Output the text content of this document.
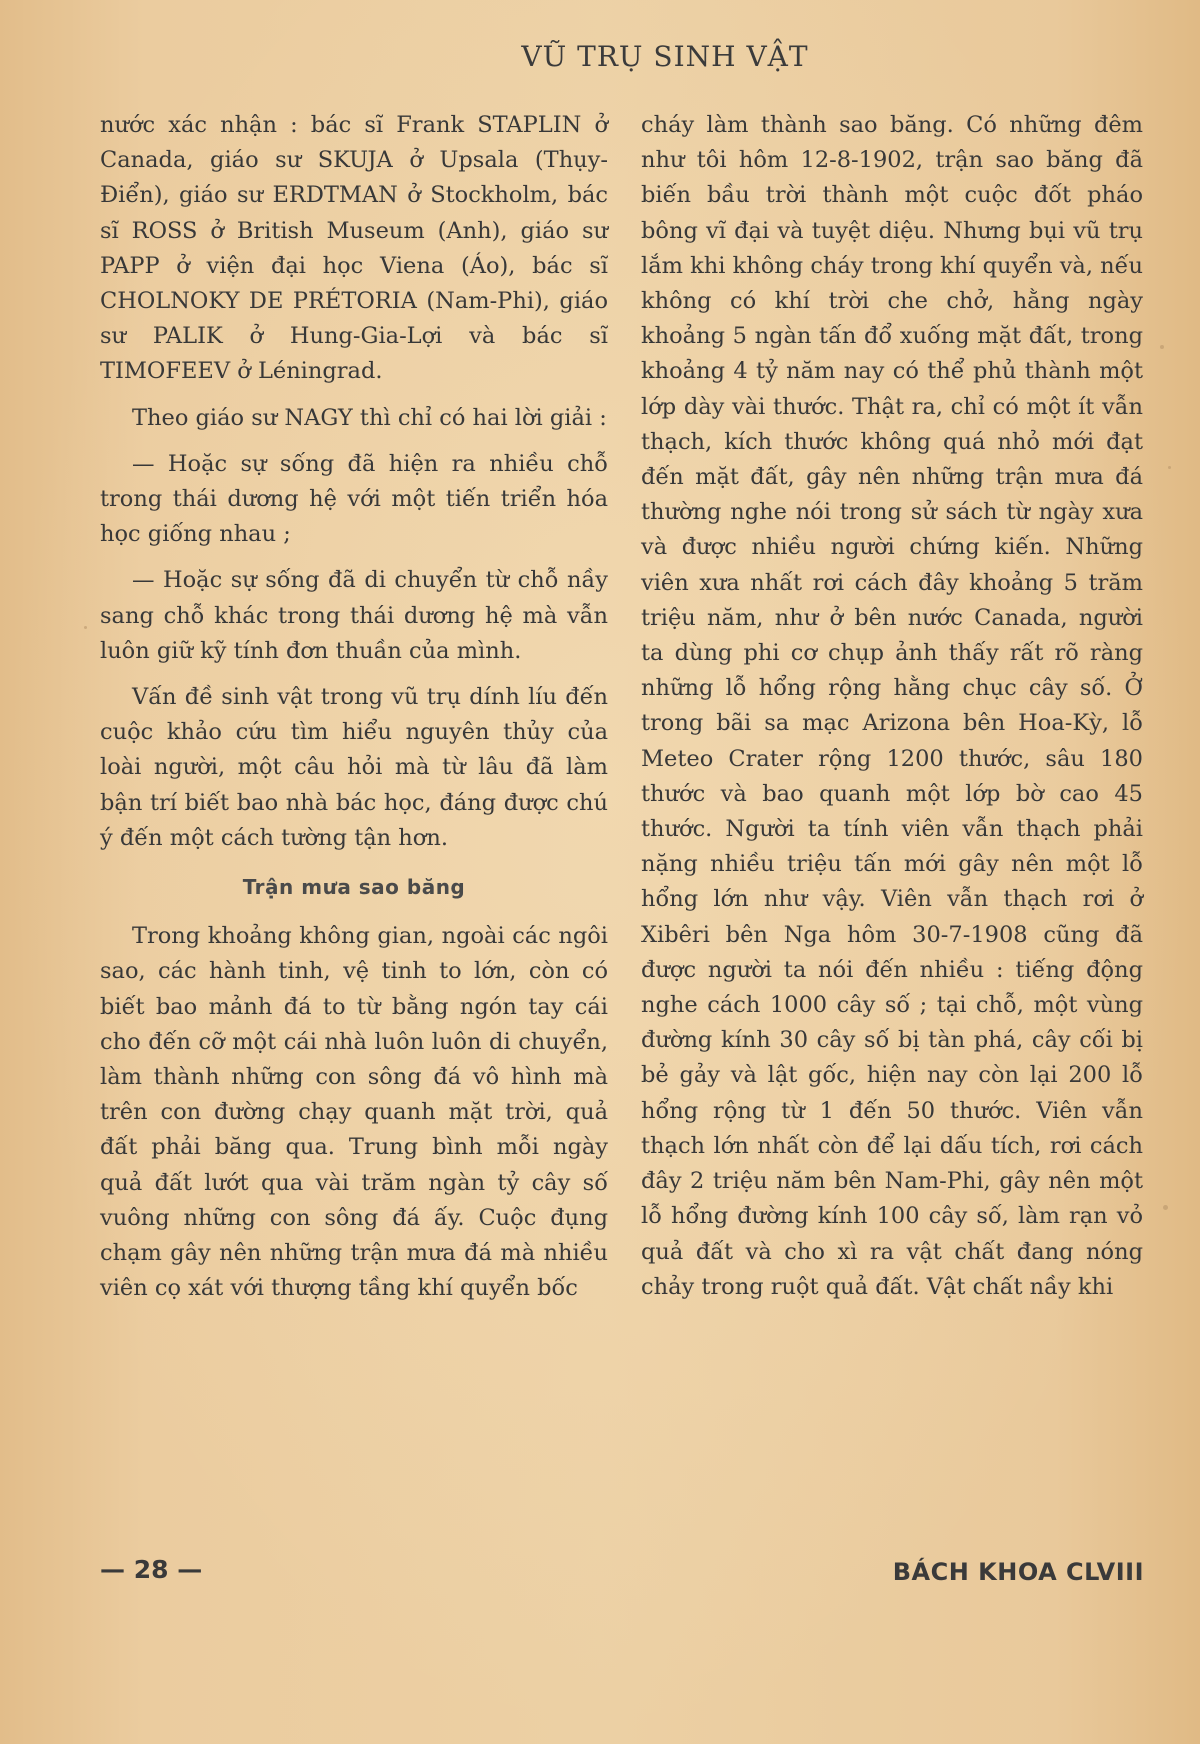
VŨ TRỤ SINH VẬT

nước xác nhận : bác sĩ Frank STAPLIN ở Canada, giáo sư SKUJA ở Upsala (Thụy-Điển), giáo sư ERDTMAN ở Stockholm, bác sĩ ROSS ở British Museum (Anh), giáo sư PAPP ở viện đại học Viena (Áo), bác sĩ CHOLNOKY DE PRÉTORIA (Nam-Phi), giáo sư PALIK ở Hung-Gia-Lợi và bác sĩ TIMOFEEV ở Léningrad.

Theo giáo sư NAGY thì chỉ có hai lời giải :

— Hoặc sự sống đã hiện ra nhiều chỗ trong thái dương hệ với một tiến triển hóa học giống nhau ;

— Hoặc sự sống đã di chuyển từ chỗ nầy sang chỗ khác trong thái dương hệ mà vẫn luôn giữ kỹ tính đơn thuần của mình.

Vấn đề sinh vật trong vũ trụ dính líu đến cuộc khảo cứu tìm hiểu nguyên thủy của loài người, một câu hỏi mà từ lâu đã làm bận trí biết bao nhà bác học, đáng được chú ý đến một cách tường tận hơn.

Trận mưa sao băng

Trong khoảng không gian, ngoài các ngôi sao, các hành tinh, vệ tinh to lớn, còn có biết bao mảnh đá to từ bằng ngón tay cái cho đến cỡ một cái nhà luôn luôn di chuyển, làm thành những con sông đá vô hình mà trên con đường chạy quanh mặt trời, quả đất phải băng qua. Trung bình mỗi ngày quả đất lướt qua vài trăm ngàn tỷ cây số vuông những con sông đá ấy. Cuộc đụng chạm gây nên những trận mưa đá mà nhiều viên cọ xát với thượng tầng khí quyển bốc

cháy làm thành sao băng. Có những đêm như tôi hôm 12-8-1902, trận sao băng đã biến bầu trời thành một cuộc đốt pháo bông vĩ đại và tuyệt diệu. Nhưng bụi vũ trụ lắm khi không cháy trong khí quyển và, nếu không có khí trời che chở, hằng ngày khoảng 5 ngàn tấn đổ xuống mặt đất, trong khoảng 4 tỷ năm nay có thể phủ thành một lớp dày vài thước. Thật ra, chỉ có một ít vẫn thạch, kích thước không quá nhỏ mới đạt đến mặt đất, gây nên những trận mưa đá thường nghe nói trong sử sách từ ngày xưa và được nhiều người chứng kiến. Những viên xưa nhất rơi cách đây khoảng 5 trăm triệu năm, như ở bên nước Canada, người ta dùng phi cơ chụp ảnh thấy rất rõ ràng những lỗ hổng rộng hằng chục cây số. Ở trong bãi sa mạc Arizona bên Hoa-Kỳ, lỗ Meteo Crater rộng 1200 thước, sâu 180 thước và bao quanh một lớp bờ cao 45 thước. Người ta tính viên vẫn thạch phải nặng nhiều triệu tấn mới gây nên một lỗ hổng lớn như vậy. Viên vẫn thạch rơi ở Xibêri bên Nga hôm 30-7-1908 cũng đã được người ta nói đến nhiều : tiếng động nghe cách 1000 cây số ; tại chỗ, một vùng đường kính 30 cây số bị tàn phá, cây cối bị bẻ gảy và lật gốc, hiện nay còn lại 200 lỗ hổng rộng từ 1 đến 50 thước. Viên vẫn thạch lớn nhất còn để lại dấu tích, rơi cách đây 2 triệu năm bên Nam-Phi, gây nên một lỗ hổng đường kính 100 cây số, làm rạn vỏ quả đất và cho xì ra vật chất đang nóng chảy trong ruột quả đất. Vật chất nầy khi

— 28 —	BÁCH KHOA CLVIII
